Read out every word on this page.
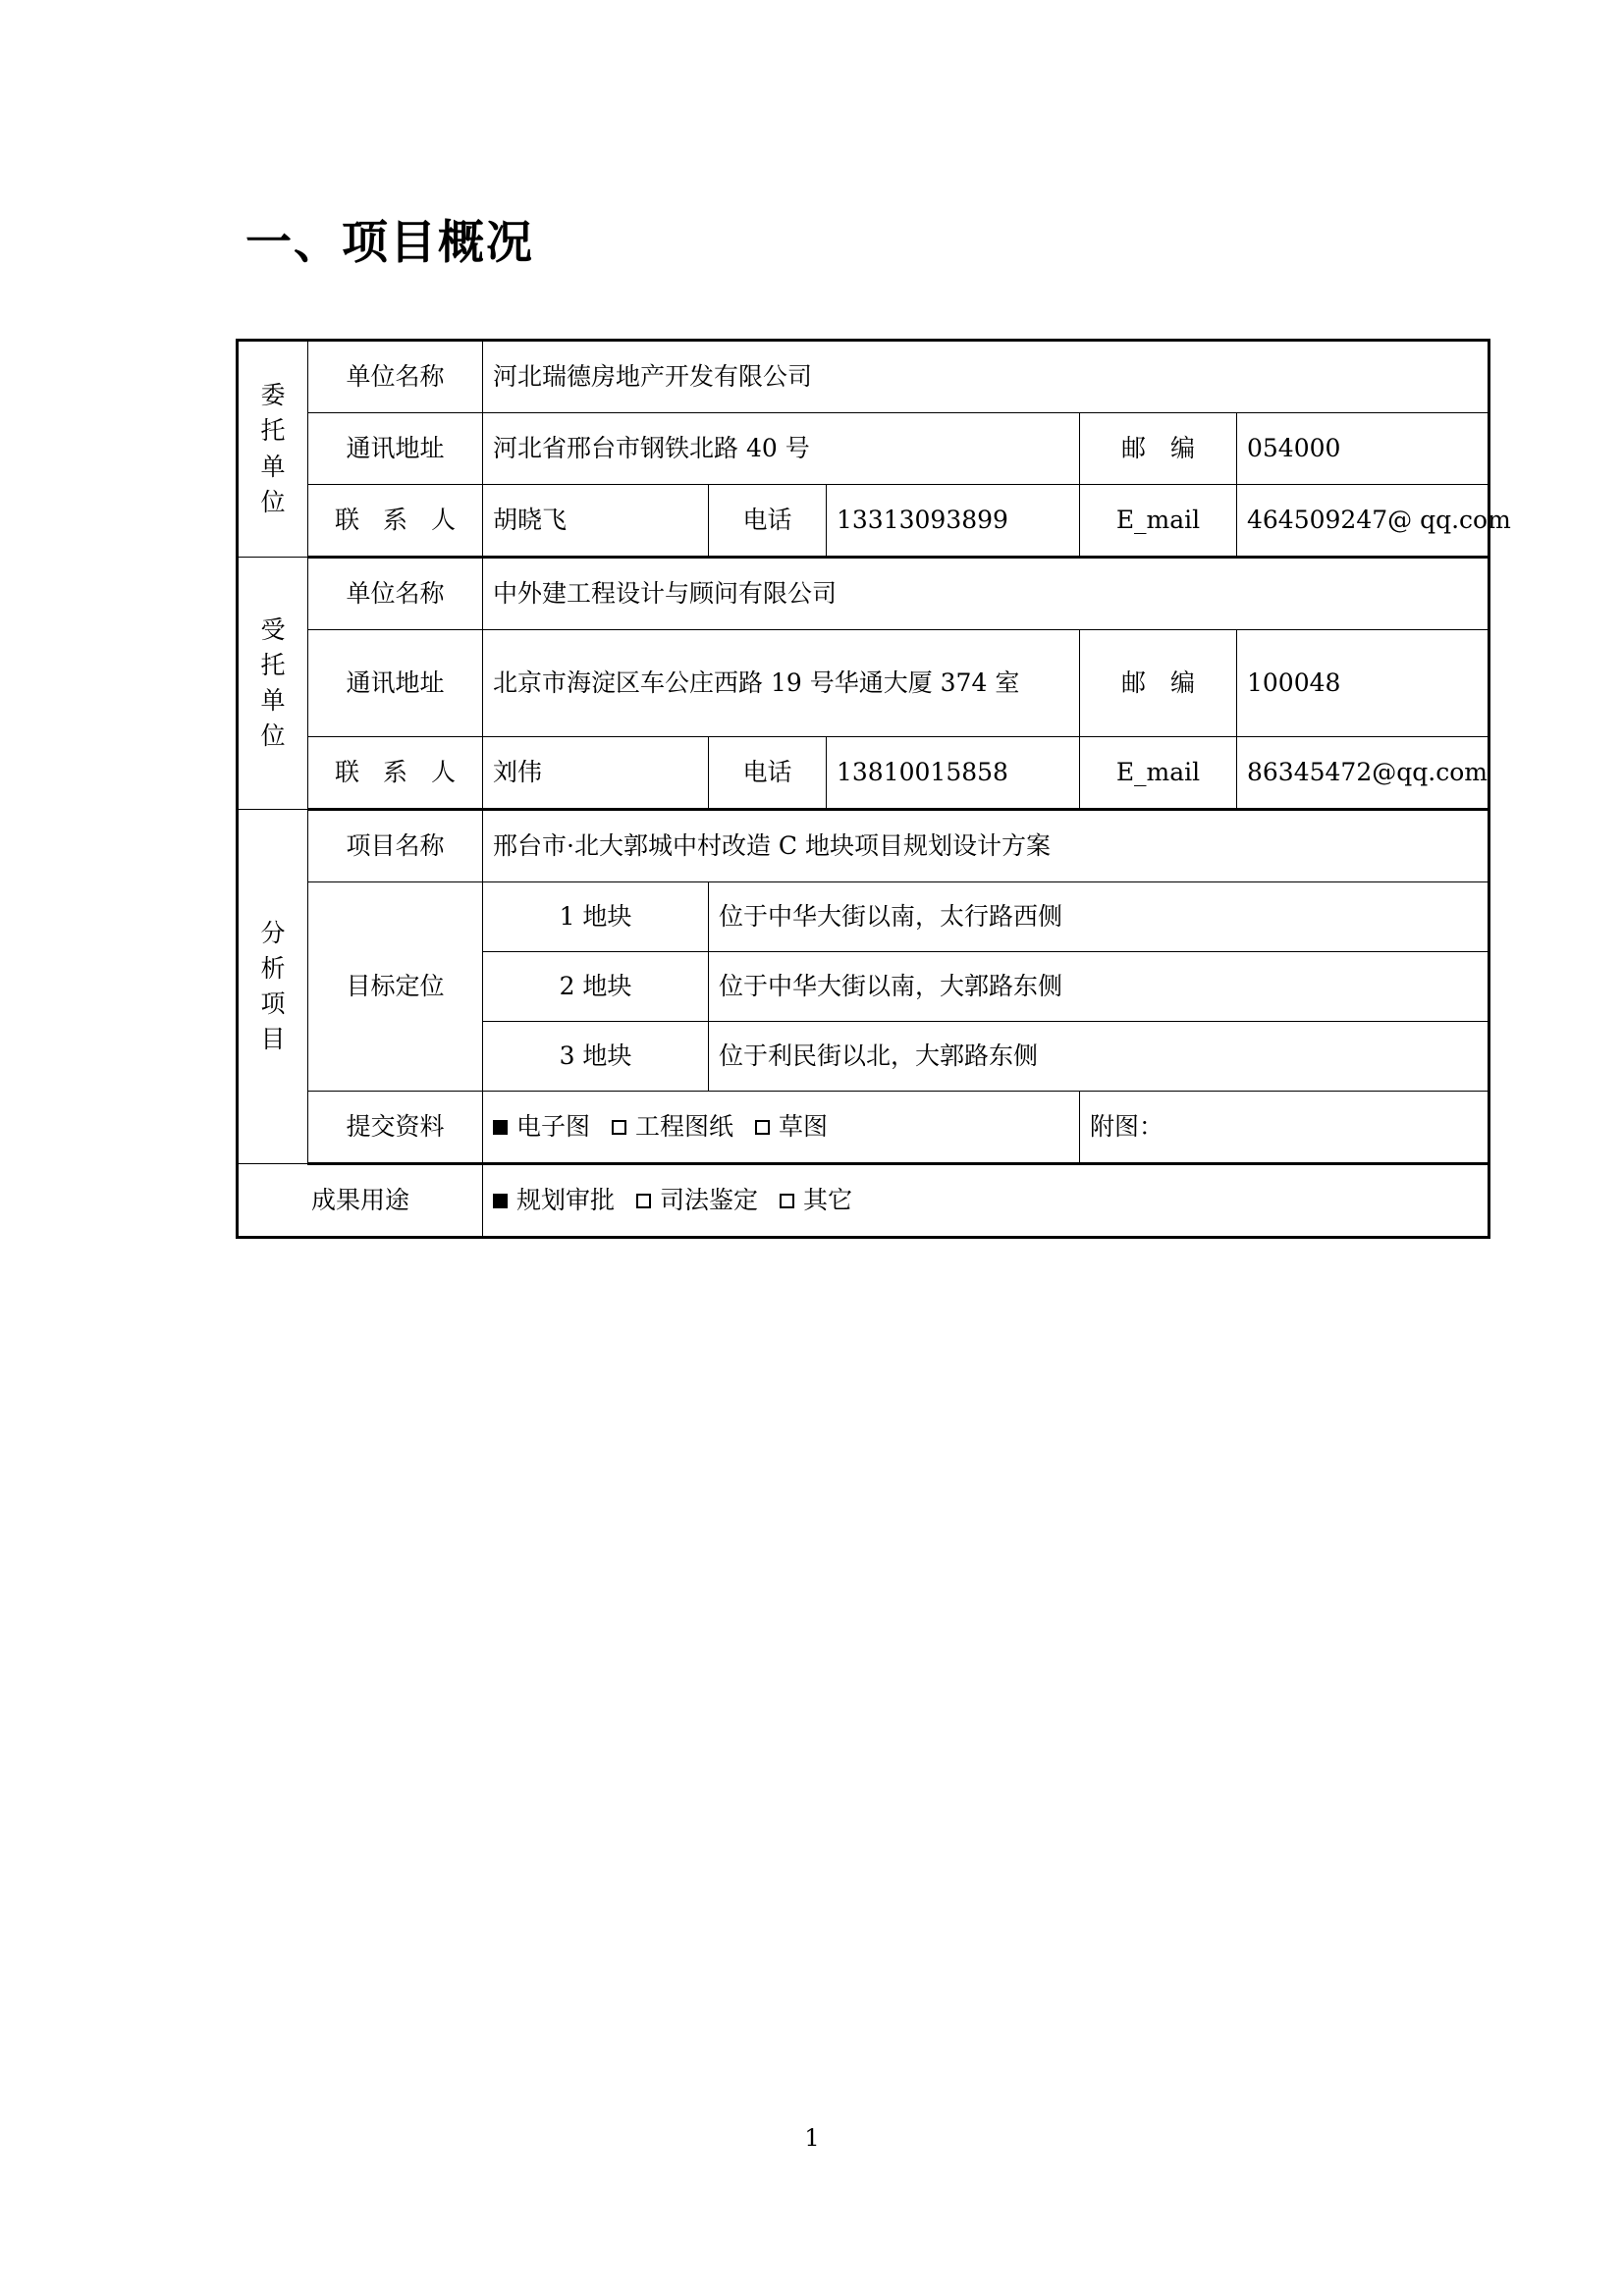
一、项目概况
委
托
单
位	单位名称	河北瑞德房地产开发有限公司				
	通讯地址	河北省邢台市钢铁北路 40 号			邮　编	054000
	联 系 人	胡晓飞	电话	13313093899	E_mail	464509247@ qq.com

受
托
单
位	单位名称	中外建工程设计与顾问有限公司				
	通讯地址	北京市海淀区车公庄西路 19 号华通大厦 374 室			邮　编	100048
	联 系 人	刘伟	电话	13810015858	E_mail	86345472@qq.com

分
析
项
目	项目名称	邢台市·北大郭城中村改造 C 地块项目规划设计方案				
	目标定位	1 地块	位于中华大街以南，太行路西侧			
		2 地块	位于中华大街以南，大郭路东侧			
		3 地块	位于利民街以北，大郭路东侧			
	提交资料	电子图 工程图纸 草图			附图：	
成果用途		规划审批 司法鉴定 其它				
1
